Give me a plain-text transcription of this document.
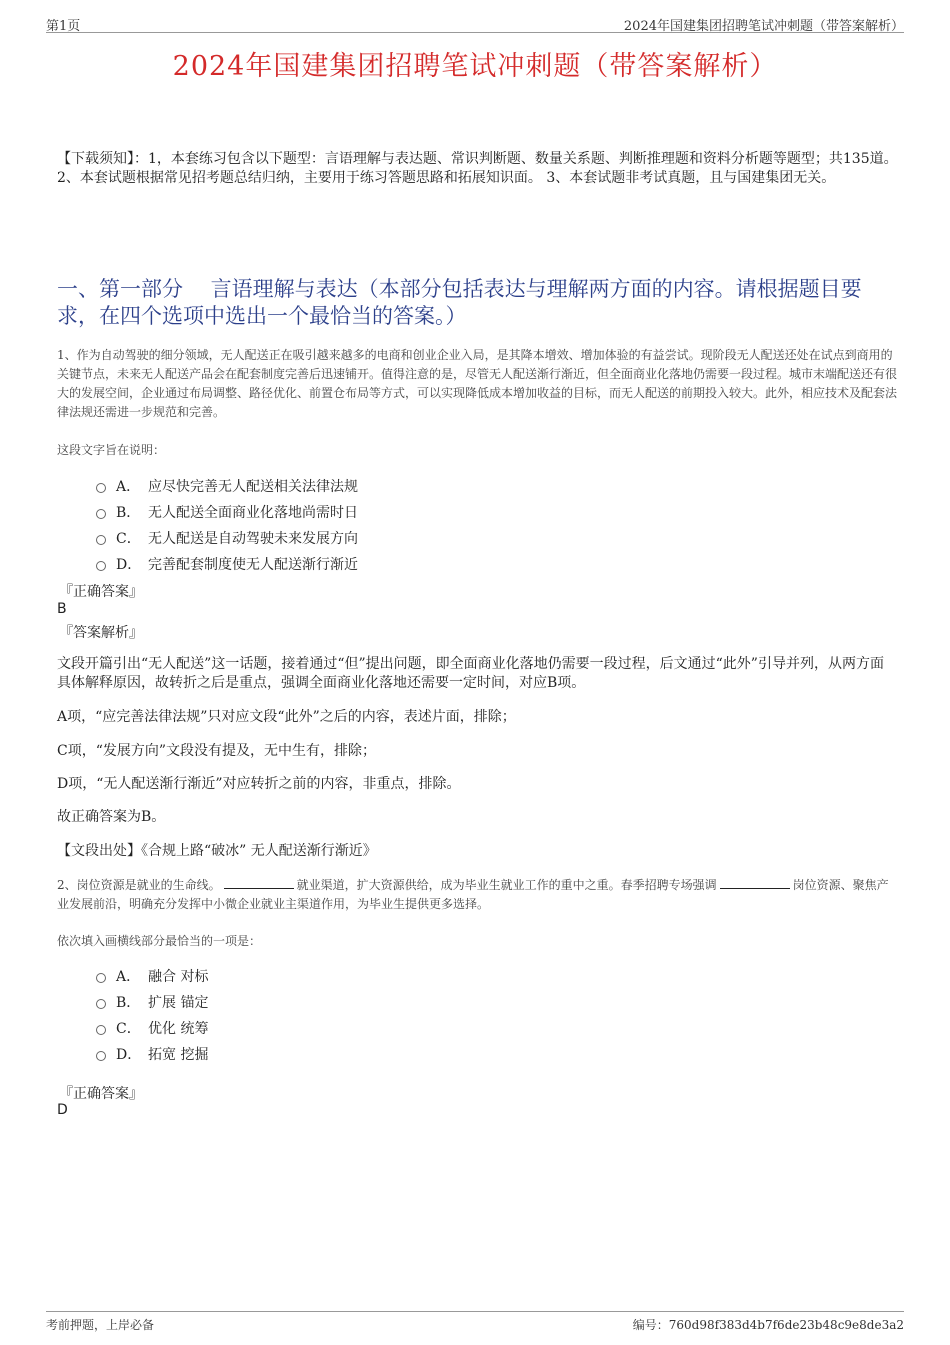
第1页	2024年国建集团招聘笔试冲刺题（带答案解析）
2024年国建集团招聘笔试冲刺题（带答案解析）
【下载须知】：1，本套练习包含以下题型：言语理解与表达题、常识判断题、数量关系题、判断推理题和资料分析题等题型；共135道。 2、本套试题根据常见招考题总结归纳，主要用于练习答题思路和拓展知识面。 3、本套试题非考试真题，且与国建集团无关。
一、第一部分　 言语理解与表达（本部分包括表达与理解两方面的内容。请根据题目要求，在四个选项中选出一个最恰当的答案。）
1、作为自动驾驶的细分领域，无人配送正在吸引越来越多的电商和创业企业入局，是其降本增效、增加体验的有益尝试。现阶段无人配送还处在试点到商用的关键节点，未来无人配送产品会在配套制度完善后迅速铺开。值得注意的是，尽管无人配送渐行渐近，但全面商业化落地仍需要一段过程。城市末端配送还有很大的发展空间，企业通过布局调整、路径优化、前置仓布局等方式，可以实现降低成本增加收益的目标，而无人配送的前期投入较大。此外，相应技术及配套法律法规还需进一步规范和完善。
这段文字旨在说明：
A． 应尽快完善无人配送相关法律法规
B． 无人配送全面商业化落地尚需时日
C． 无人配送是自动驾驶未来发展方向
D． 完善配套制度使无人配送渐行渐近
『正确答案』
B
『答案解析』
文段开篇引出“无人配送”这一话题，接着通过“但”提出问题，即全面商业化落地仍需要一段过程，后文通过“此外”引导并列，从两方面具体解释原因，故转折之后是重点，强调全面商业化落地还需要一定时间，对应B项。
A项，“应完善法律法规”只对应文段“此外”之后的内容，表述片面，排除；
C项，“发展方向”文段没有提及，无中生有，排除；
D项，“无人配送渐行渐近”对应转折之前的内容，非重点，排除。
故正确答案为B。
【文段出处】《合规上路“破冰” 无人配送渐行渐近》
2、岗位资源是就业的生命线。	就业渠道，扩大资源供给，成为毕业生就业工作的重中之重。春季招聘专场强调	岗位资源、聚焦产业发展前沿，明确充分发挥中小微企业就业主渠道作用，为毕业生提供更多选择。
依次填入画横线部分最恰当的一项是：
A． 融合 对标
B． 扩展 锚定
C． 优化 统筹
D． 拓宽 挖掘
『正确答案』
D
考前押题，上岸必备	编号：760d98f383d4b7f6de23b48c9e8de3a2
